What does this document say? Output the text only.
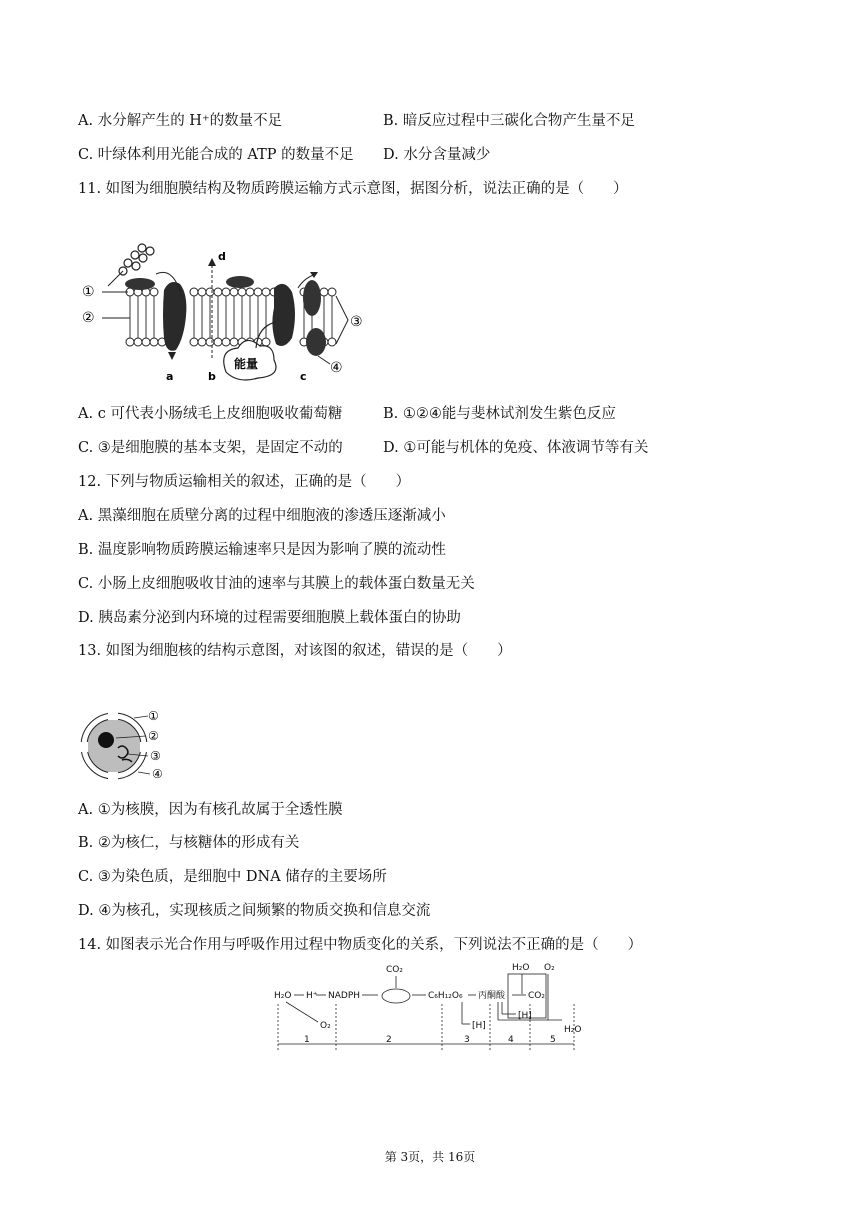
A. 水分解产生的 H⁺的数量不足	B. 暗反应过程中三碳化合物产生量不足
C. 叶绿体利用光能合成的 ATP 的数量不足 D. 水分含量减少
11. 如图为细胞膜结构及物质跨膜运输方式示意图，据图分析，说法正确的是（　　）
①
②	③
④
a	b	c
d
能量
A. c 可代表小肠绒毛上皮细胞吸收葡萄糖	B. ①②④能与斐林试剂发生紫色反应
C. ③是细胞膜的基本支架，是固定不动的	D. ①可能与机体的免疫、体液调节等有关
12. 下列与物质运输相关的叙述，正确的是（　　）
A. 黑藻细胞在质壁分离的过程中细胞液的渗透压逐渐减小
B. 温度影响物质跨膜运输速率只是因为影响了膜的流动性
C. 小肠上皮细胞吸收甘油的速率与其膜上的载体蛋白数量无关
D. 胰岛素分泌到内环境的过程需要细胞膜上载体蛋白的协助
13. 如图为细胞核的结构示意图，对该图的叙述，错误的是（　　）
①
②
③
④
A. ①为核膜，因为有核孔故属于全透性膜
B. ②为核仁，与核糖体的形成有关
C. ③为染色质，是细胞中 DNA 储存的主要场所
D. ④为核孔，实现核质之间频繁的物质交换和信息交流
14. 如图表示光合作用与呼吸作用过程中物质变化的关系，下列说法不正确的是（　　）
H₂O H⁺ NADPH
CO₂
O₂
C₆H₁₂O₆ 丙酮酸
[H]
[H]
H₂O O₂
CO₂
H₂O
1	2	3	4	5
第 3页，共 16页
